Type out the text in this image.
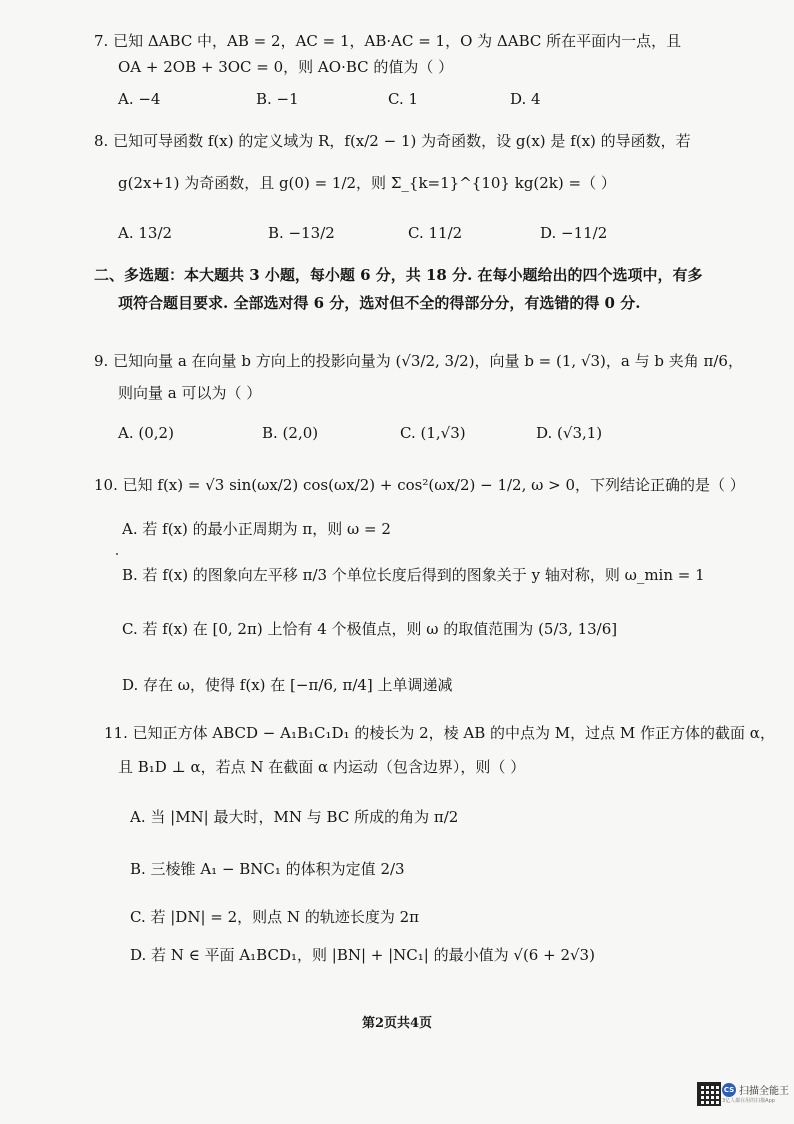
7. 已知 ΔABC 中，AB = 2，AC = 1，AB·AC = 1，O 为 ΔABC 所在平面内一点，且
OA + 2OB + 3OC = 0，则 AO·BC 的值为（ ）
A. −4	B. −1	C. 1	D. 4
8. 已知可导函数 f(x) 的定义域为 R，f(x/2 − 1) 为奇函数，设 g(x) 是 f(x) 的导函数，若
g(2x+1) 为奇函数，且 g(0) = 1/2，则 Σ_{k=1}^{10} kg(2k) =（ ）
A. 13/2	B. −13/2	C. 11/2	D. −11/2
二、多选题：本大题共 3 小题，每小题 6 分，共 18 分. 在每小题给出的四个选项中，有多
项符合题目要求. 全部选对得 6 分，选对但不全的得部分分，有选错的得 0 分.
9. 已知向量 a 在向量 b 方向上的投影向量为 (√3/2, 3/2)，向量 b = (1, √3)，a 与 b 夹角 π/6，
则向量 a 可以为（ ）
A. (0,2)	B. (2,0)	C. (1,√3)	D. (√3,1)
10. 已知 f(x) = √3 sin(ωx/2) cos(ωx/2) + cos²(ωx/2) − 1/2, ω > 0，下列结论正确的是（ ）
A. 若 f(x) 的最小正周期为 π，则 ω = 2
B. 若 f(x) 的图象向左平移 π/3 个单位长度后得到的图象关于 y 轴对称，则 ω_min = 1
C. 若 f(x) 在 [0, 2π) 上恰有 4 个极值点，则 ω 的取值范围为 (5/3, 13/6]
D. 存在 ω，使得 f(x) 在 [−π/6, π/4] 上单调递减
11. 已知正方体 ABCD − A₁B₁C₁D₁ 的棱长为 2，棱 AB 的中点为 M，过点 M 作正方体的截面 α，
且 B₁D ⊥ α，若点 N 在截面 α 内运动（包含边界），则（ ）
A. 当 |MN| 最大时，MN 与 BC 所成的角为 π/2
B. 三棱锥 A₁ − BNC₁ 的体积为定值 2/3
C. 若 |DN| = 2，则点 N 的轨迹长度为 2π
D. 若 N ∈ 平面 A₁BCD₁，则 |BN| + |NC₁| 的最小值为 √(6 + 2√3)
第2页共4页
CS 扫描全能王
3亿人都在用的扫描App
